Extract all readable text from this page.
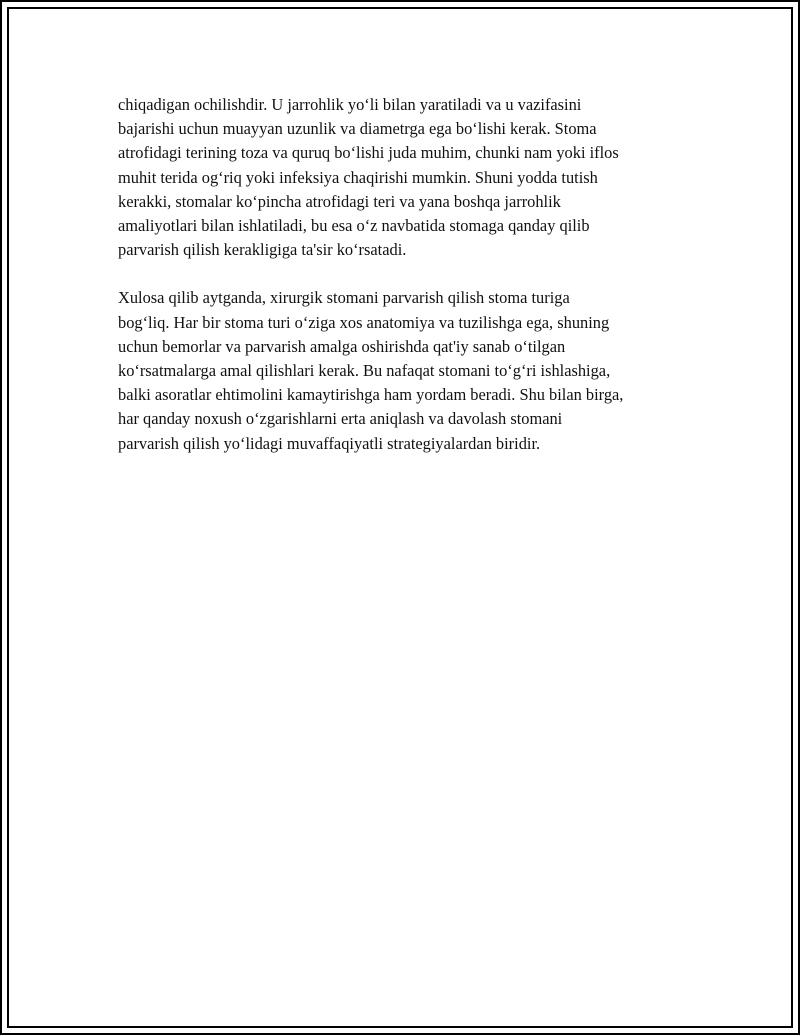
chiqadigan ochilishdir. U jarrohlik yo‘li bilan yaratiladi va u vazifasini
bajarishi uchun muayyan uzunlik va diametrga ega bo‘lishi kerak. Stoma
atrofidagi terining toza va quruq bo‘lishi juda muhim, chunki nam yoki iflos
muhit terida og‘riq yoki infeksiya chaqirishi mumkin. Shuni yodda tutish
kerakki, stomalar ko‘pincha atrofidagi teri va yana boshqa jarrohlik
amaliyotlari bilan ishlatiladi, bu esa o‘z navbatida stomaga qanday qilib
parvarish qilish kerakligiga ta'sir ko‘rsatadi.

Xulosa qilib aytganda, xirurgik stomani parvarish qilish stoma turiga
bog‘liq. Har bir stoma turi o‘ziga xos anatomiya va tuzilishga ega, shuning
uchun bemorlar va parvarish amalga oshirishda qat'iy sanab o‘tilgan
ko‘rsatmalarga amal qilishlari kerak. Bu nafaqat stomani to‘g‘ri ishlashiga,
balki asoratlar ehtimolini kamaytirishga ham yordam beradi. Shu bilan birga,
har qanday noxush o‘zgarishlarni erta aniqlash va davolash stomani
parvarish qilish yo‘lidagi muvaffaqiyatli strategiyalardan biridir.
